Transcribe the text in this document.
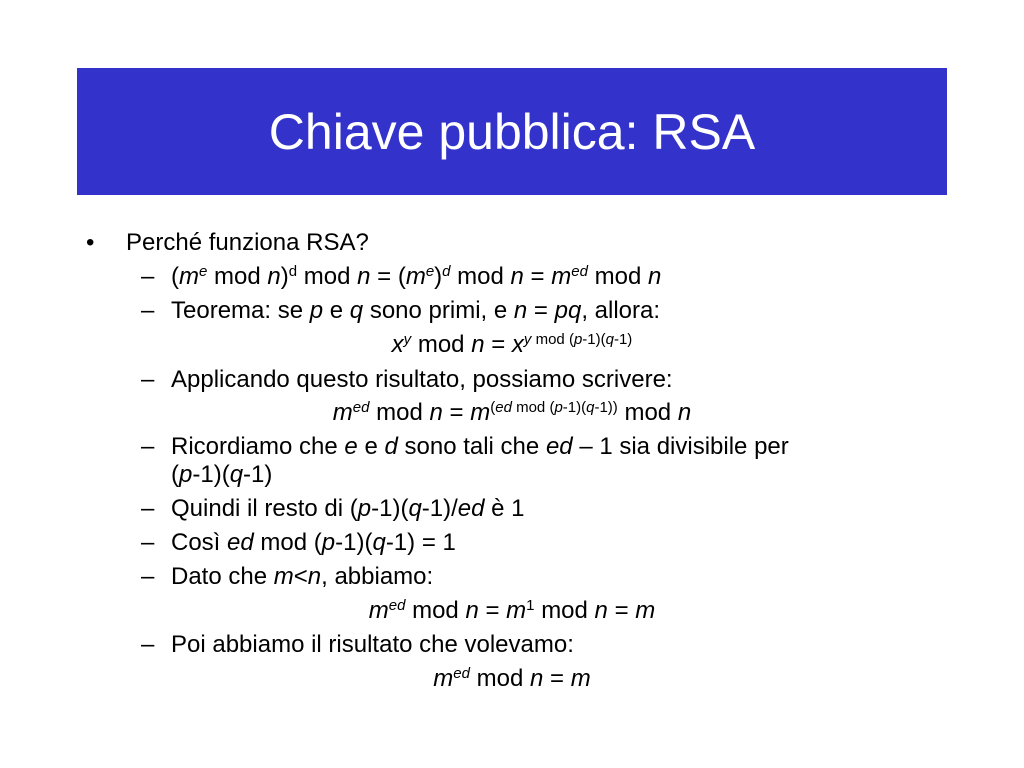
Chiave pubblica: RSA
• Perché funziona RSA?
– ($m^e$ mod n)$^d$ mod $n = (m^e)^d$ mod $n = m^{ed}$ mod n
– Teorema: se p e q sono primi, e n = pq, allora:
$x^y$ mod $n = x^{y mod (p-1)(q-1)}$
– Applicando questo risultato, possiamo scrivere:
$m^{ed}$ mod $n = m^{(ed mod (p-1)(q-1))}$ mod n
– Ricordiamo che e e d sono tali che ed – 1 sia divisibile per
(p-1)(q-1)
– Quindi il resto di (p-1)(q-1)/ed è 1
– Così ed mod (p-1)(q-1) = 1
– Dato che m<n, abbiamo:
$m^{ed}$ mod $n = m^1$ mod n = m
– Poi abbiamo il risultato che volevamo:
$m^{ed}$ mod n = m
